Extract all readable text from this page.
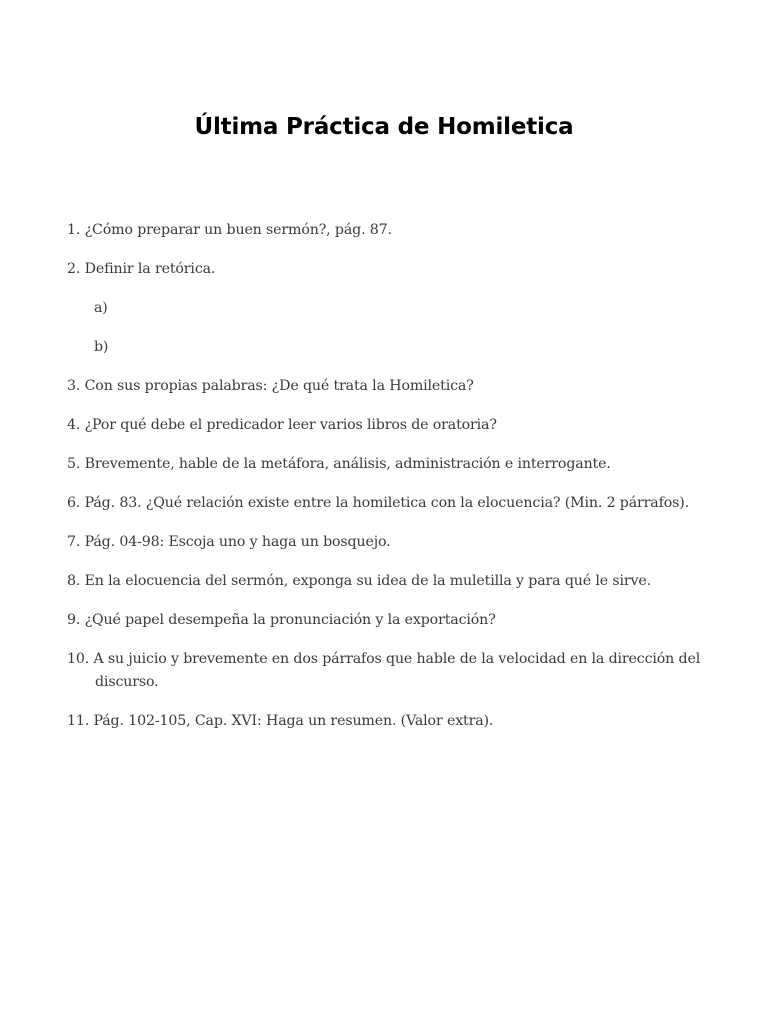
Última Práctica de Homiletica

1. ¿Cómo preparar un buen sermón?, pág. 87.

2. Definir la retórica.

a)

b)

3. Con sus propias palabras: ¿De qué trata la Homiletica?

4. ¿Por qué debe el predicador leer varios libros de oratoria?

5. Brevemente, hable de la metáfora, análisis, administración e interrogante.

6. Pág. 83. ¿Qué relación existe entre la homiletica con la elocuencia? (Min. 2 párrafos).

7. Pág. 04-98: Escoja uno y haga un bosquejo.

8. En la elocuencia del sermón, exponga su idea de la muletilla y para qué le sirve.

9. ¿Qué papel desempeña la pronunciación y la exportación?

10. A su juicio y brevemente en dos párrafos que hable de la velocidad en la dirección del discurso.

11. Pág. 102-105, Cap. XVI: Haga un resumen. (Valor extra).
